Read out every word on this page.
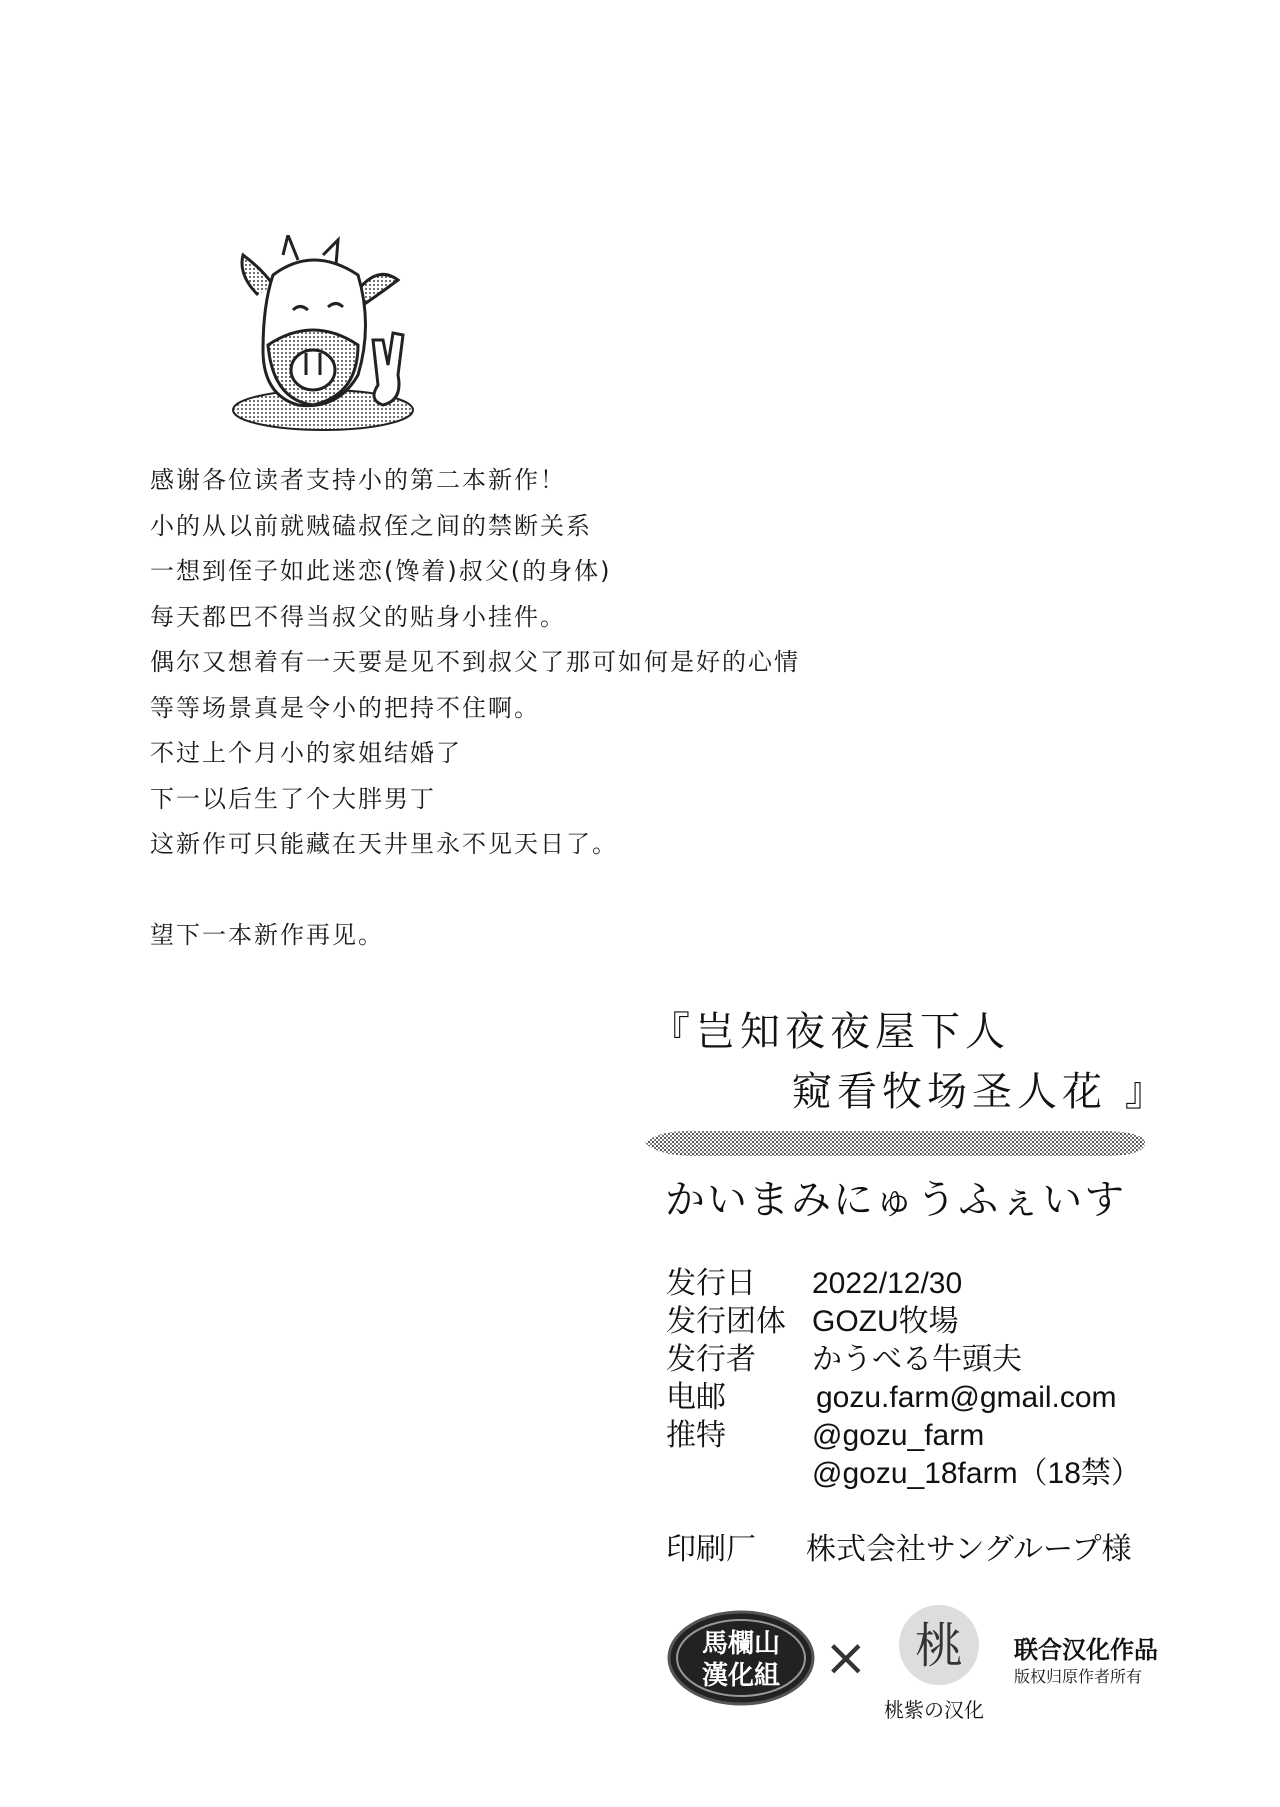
感谢各位读者支持小的第二本新作！
小的从以前就贼磕叔侄之间的禁断关系
一想到侄子如此迷恋(馋着)叔父(的身体)
每天都巴不得当叔父的贴身小挂件。
偶尔又想着有一天要是见不到叔父了那可如何是好的心情
等等场景真是令小的把持不住啊。
不过上个月小的家姐结婚了
下一以后生了个大胖男丁
这新作可只能藏在天井里永不见天日了。
望下一本新作再见。
『岂知夜夜屋下人
窥看牧场圣人花 』
かいまみにゅうふぇいす
发行日 2022/12/30
发行团体 GOZU牧場
发行者 かうべる牛頭夫
电邮	gozu.farm@gmail.com
推特	@gozu_farm
@gozu_18farm（18禁）
印刷厂 株式会社サングループ様
馬欄山
漢化組 × 桃
桃紫の汉化
联合汉化作品
版权归原作者所有
